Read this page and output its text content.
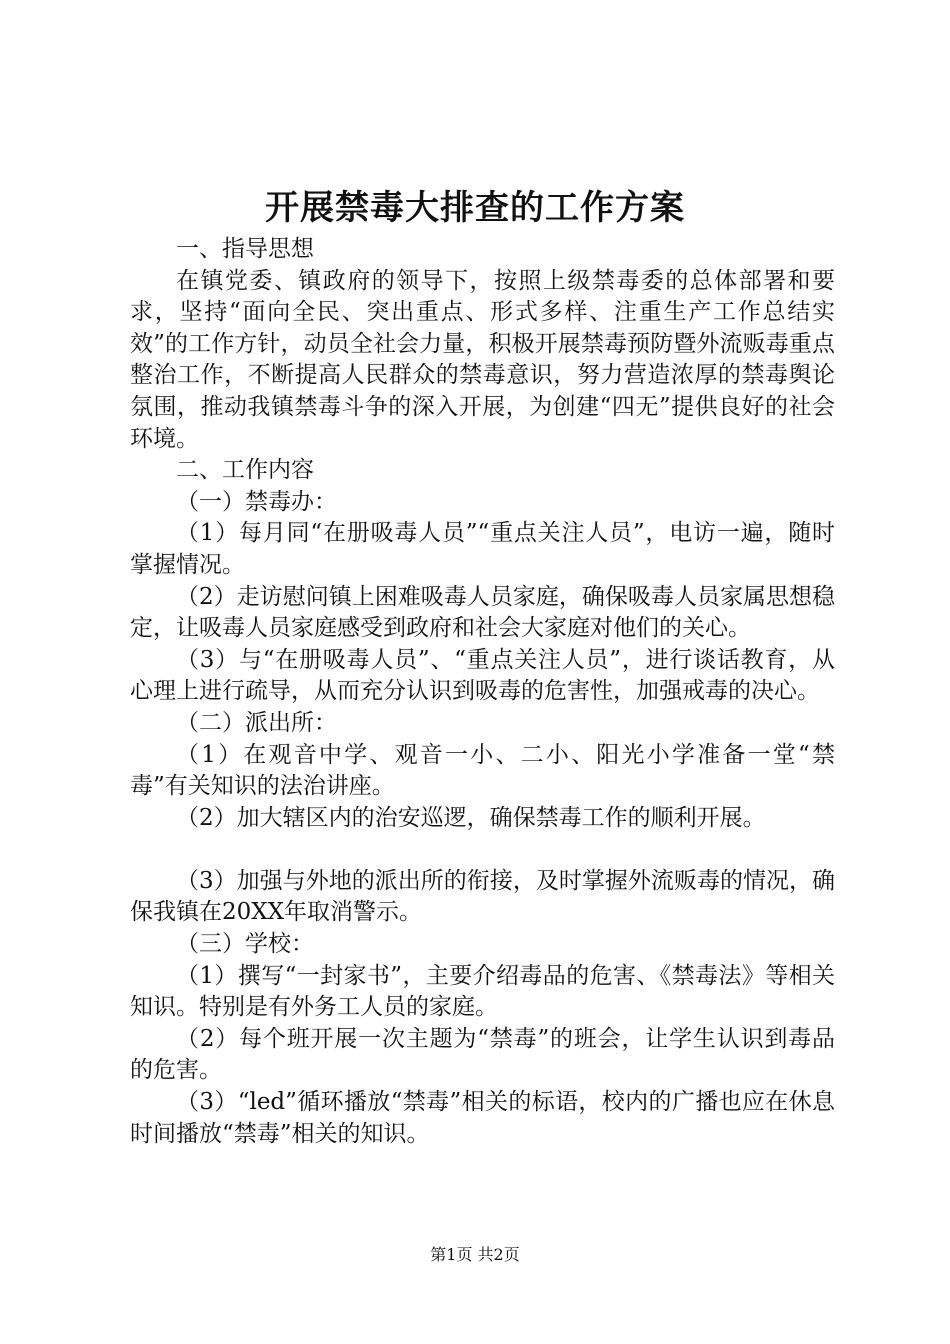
开展禁毒大排查的工作方案

一、指导思想

在镇党委、镇政府的领导下，按照上级禁毒委的总体部署和要求，坚持“面向全民、突出重点、形式多样、注重生产工作总结实效”的工作方针，动员全社会力量，积极开展禁毒预防暨外流贩毒重点整治工作，不断提高人民群众的禁毒意识，努力营造浓厚的禁毒舆论氛围，推动我镇禁毒斗争的深入开展，为创建“四无”提供良好的社会环境。

二、工作内容

（一）禁毒办：

（1）每月同“在册吸毒人员”“重点关注人员”，电访一遍，随时掌握情况。

（2）走访慰问镇上困难吸毒人员家庭，确保吸毒人员家属思想稳定，让吸毒人员家庭感受到政府和社会大家庭对他们的关心。

（3）与“在册吸毒人员”、“重点关注人员”，进行谈话教育，从心理上进行疏导，从而充分认识到吸毒的危害性，加强戒毒的决心。

（二）派出所：

（1）在观音中学、观音一小、二小、阳光小学准备一堂“禁毒”有关知识的法治讲座。

（2）加大辖区内的治安巡逻，确保禁毒工作的顺利开展。

（3）加强与外地的派出所的衔接，及时掌握外流贩毒的情况，确保我镇在20XX年取消警示。

（三）学校：

（1）撰写“一封家书”，主要介绍毒品的危害、《禁毒法》等相关知识。特别是有外务工人员的家庭。

（2）每个班开展一次主题为“禁毒”的班会，让学生认识到毒品的危害。

（3）“led”循环播放“禁毒”相关的标语，校内的广播也应在休息时间播放“禁毒”相关的知识。

第1页 共2页
